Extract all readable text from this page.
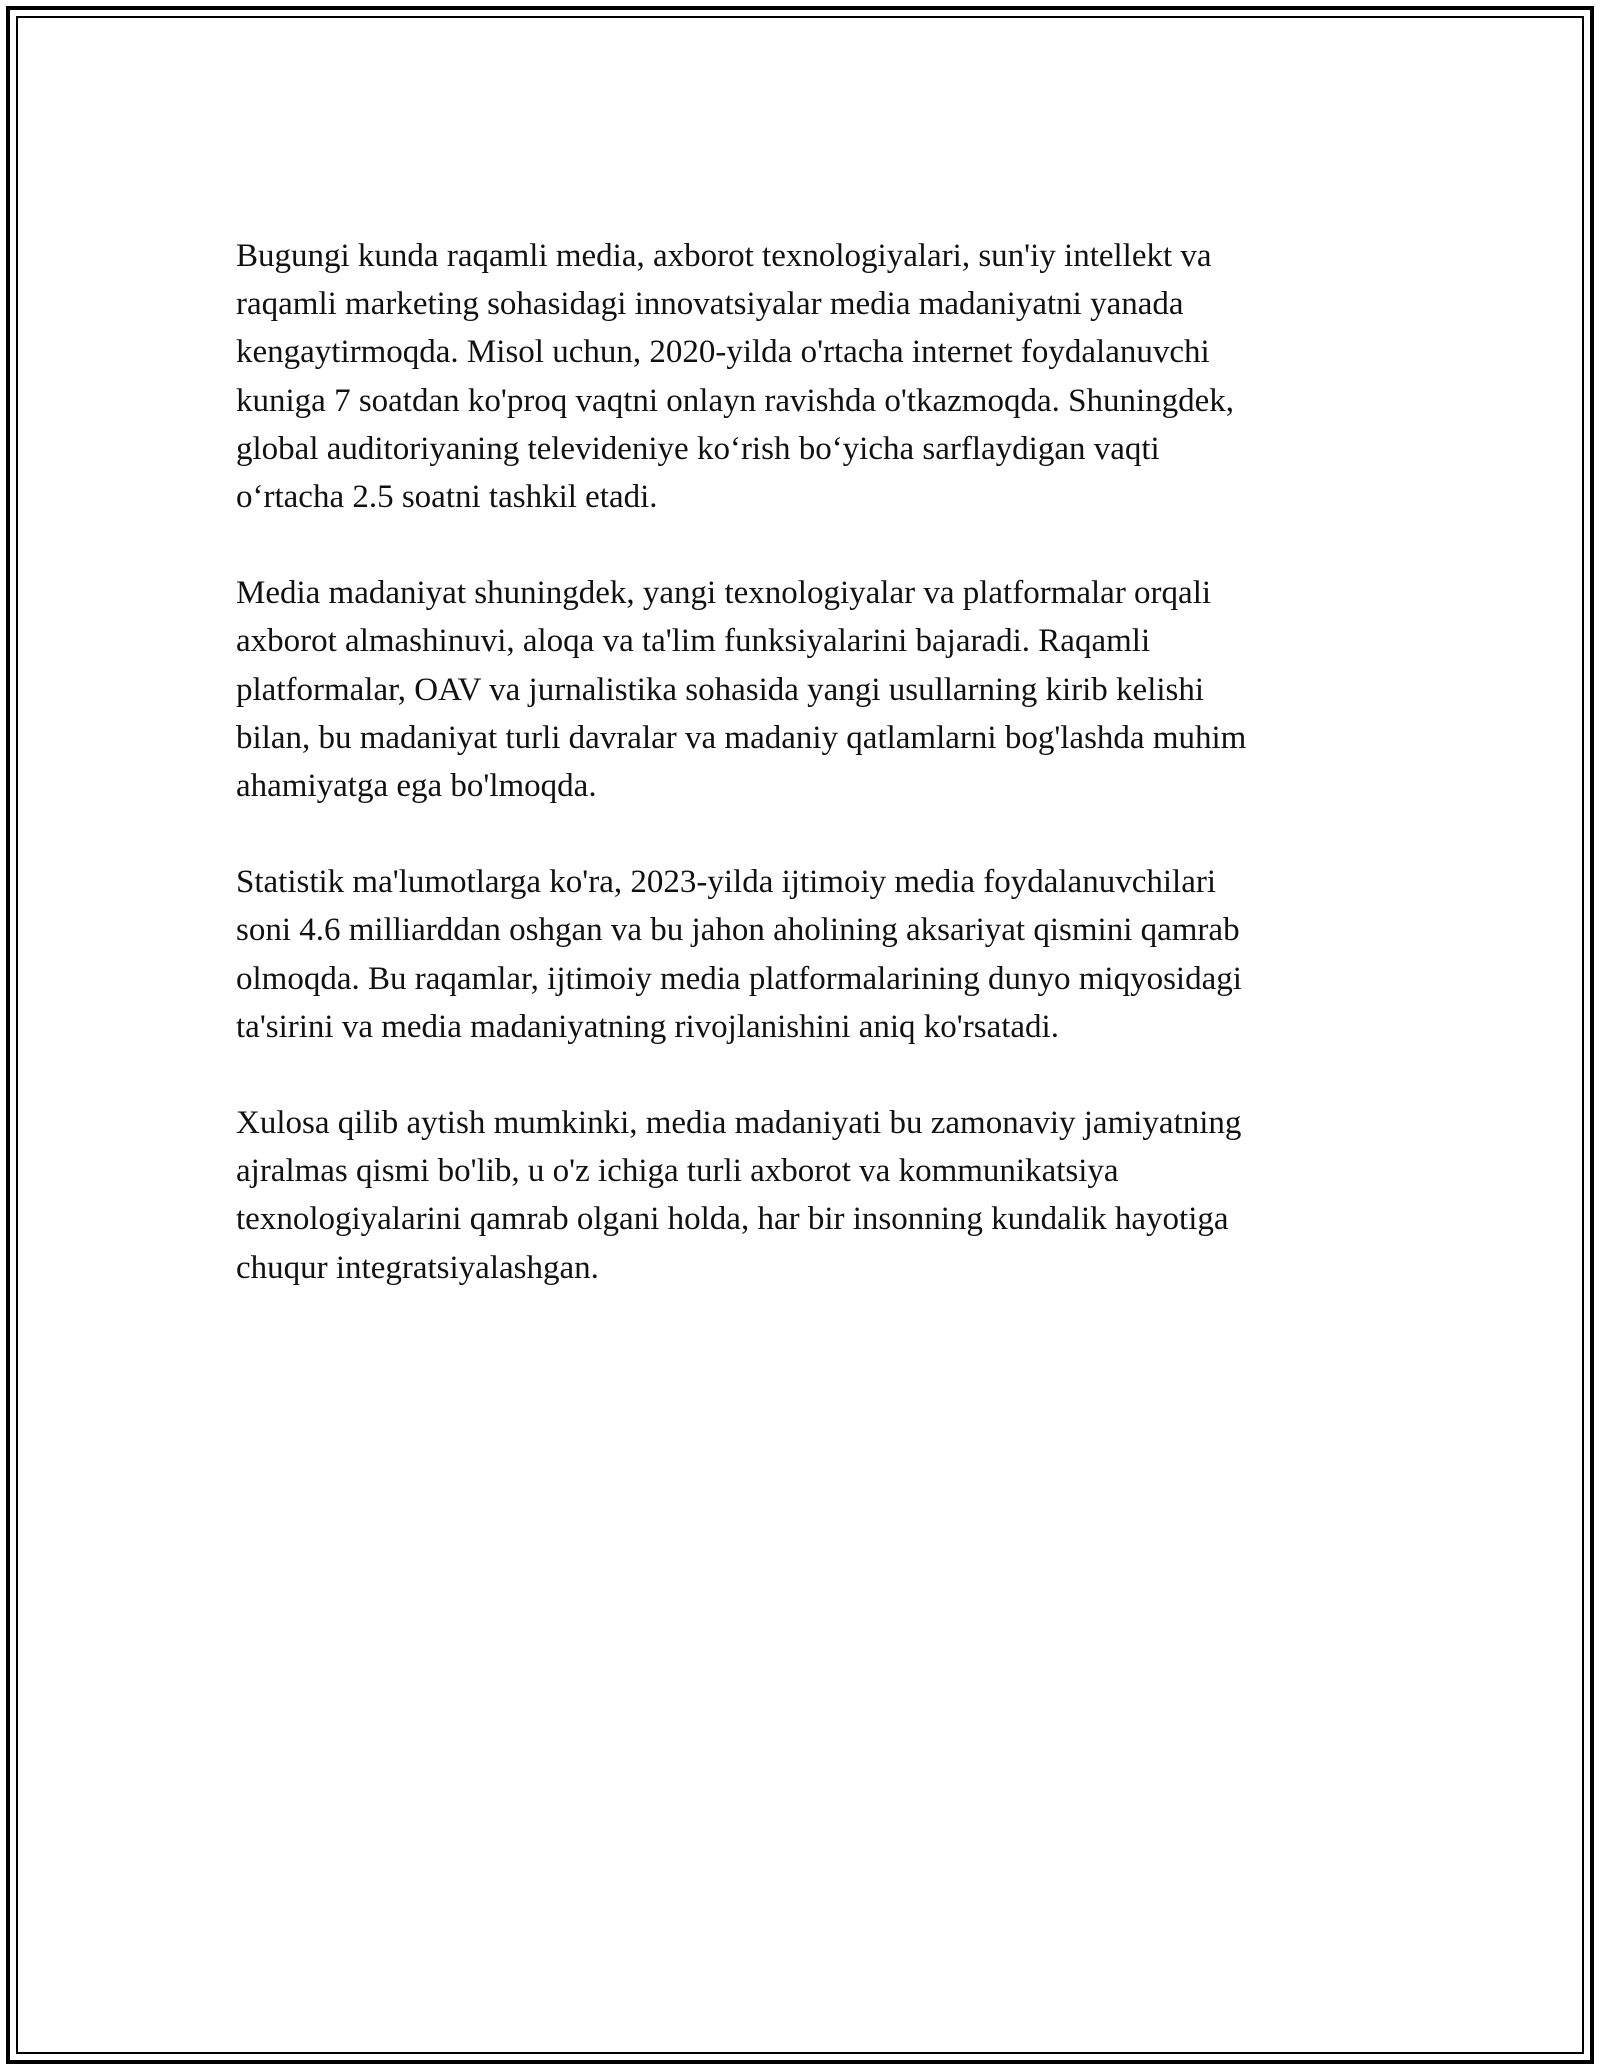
Bugungi kunda raqamli media, axborot texnologiyalari, sun'iy intellekt va
raqamli marketing sohasidagi innovatsiyalar media madaniyatni yanada
kengaytirmoqda. Misol uchun, 2020-yilda o'rtacha internet foydalanuvchi
kuniga 7 soatdan ko'proq vaqtni onlayn ravishda o'tkazmoqda. Shuningdek,
global auditoriyaning televideniye koʻrish boʻyicha sarflaydigan vaqti
oʻrtacha 2.5 soatni tashkil etadi.

Media madaniyat shuningdek, yangi texnologiyalar va platformalar orqali
axborot almashinuvi, aloqa va ta'lim funksiyalarini bajaradi. Raqamli
platformalar, OAV va jurnalistika sohasida yangi usullarning kirib kelishi
bilan, bu madaniyat turli davralar va madaniy qatlamlarni bog'lashda muhim
ahamiyatga ega bo'lmoqda.

Statistik ma'lumotlarga ko'ra, 2023-yilda ijtimoiy media foydalanuvchilari
soni 4.6 milliarddan oshgan va bu jahon aholining aksariyat qismini qamrab
olmoqda. Bu raqamlar, ijtimoiy media platformalarining dunyo miqyosidagi
ta'sirini va media madaniyatning rivojlanishini aniq ko'rsatadi.

Xulosa qilib aytish mumkinki, media madaniyati bu zamonaviy jamiyatning
ajralmas qismi bo'lib, u o'z ichiga turli axborot va kommunikatsiya
texnologiyalarini qamrab olgani holda, har bir insonning kundalik hayotiga
chuqur integratsiyalashgan.
